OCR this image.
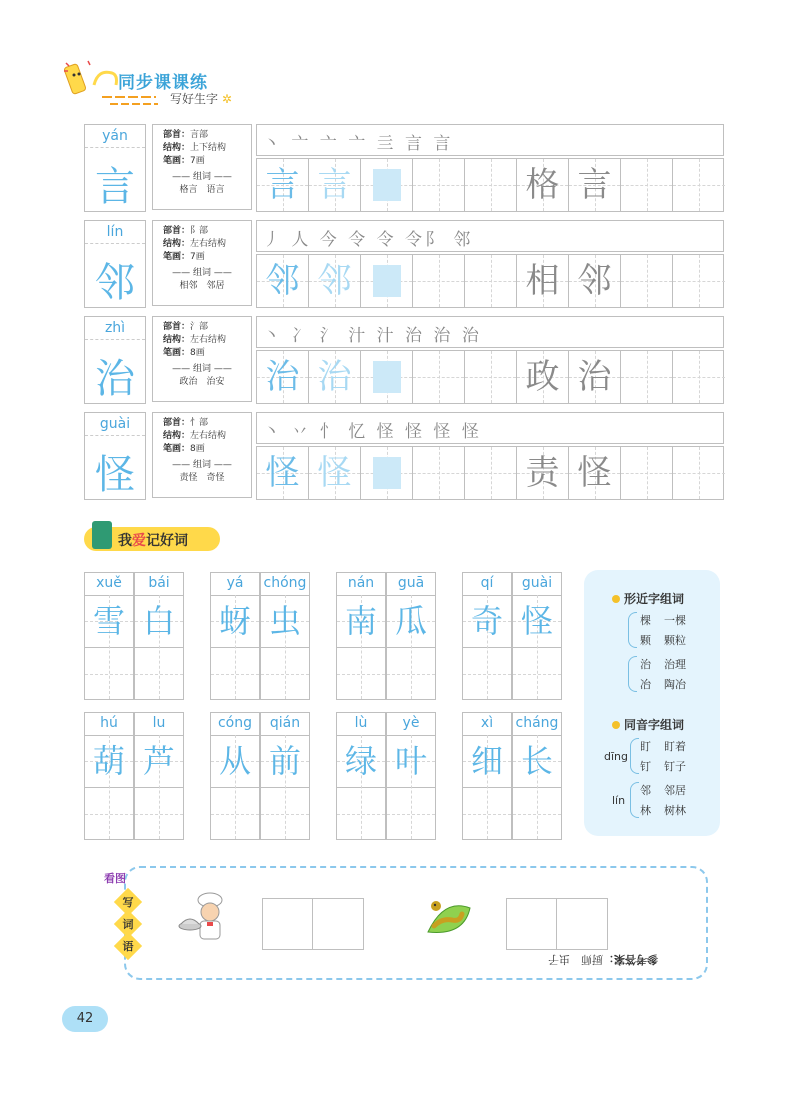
同步课课练
写好生字 ✲
yán
言
部首：言部
结构：上下结构
笔画：7画
—— 组词 ——
格言　语言
丶 亠 亠 亠 亖 言 言
言 言	格 言
lín
邻
部首：阝部
结构：左右结构
笔画：7画
—— 组词 ——
相邻　邻居
丿 人 今 令 令 令阝 邻
邻 邻	相 邻
zhì
治
部首：氵部
结构：左右结构
笔画：8画
—— 组词 ——
政治　治安
丶 冫 氵 汁 汁 治 治 治
治 治	政 治
guài
怪
部首：忄部
结构：左右结构
笔画：8画
—— 组词 ——
责怪　奇怪
丶 丷 忄 忆 怪 怪 怪 怪
怪 怪	责 怪
我爱记好词
xuě
雪
bái
白
yá
蚜
chóng
虫
nán
南
guā
瓜
qí
奇
guài
怪
hú
葫
lu
芦
cóng
从
qián
前
lù
绿
yè
叶
xì
细
cháng
长
形近字组词
棵 一棵
颗 颗粒
治 治理
冶 陶冶
同音字组词
dīng
盯 盯着
钉 钉子
lín
邻 邻居
林 树林
看图
写
词
语
参考答案：厨师　虫子
42
